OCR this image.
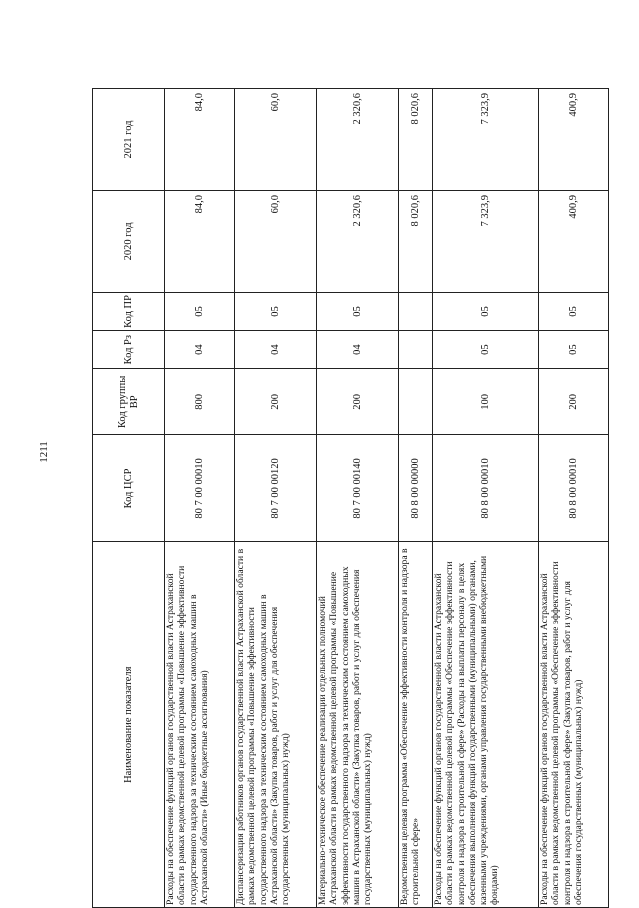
1211
Наименование показателя	Код ЦСР	Код группы ВР	Код Рз	Код ПР	2020 год	2021 год
Расходы на обеспечение функций органов государственной власти Астраханской области в рамках ведомственной целевой программы «Повышение эффективности государственного надзора за техническим состоянием самоходных машин в Астраханской области» (Иные бюджетные ассигнования)	80 7 00 00010	800	04	05	84,0	84,0
Диспансеризация работников органов государственной власти Астраханской области в рамках ведомственной целевой программы «Повышение эффективности государственного надзора за техническим состоянием самоходных машин в Астраханской области» (Закупка товаров, работ и услуг для обеспечения государственных (муниципальных) нужд)	80 7 00 00120	200	04	05	60,0	60,0
Материально-техническое обеспечение реализации отдельных полномочий Астраханской области в рамках ведомственной целевой программы «Повышение эффективности государственного надзора за техническим состоянием самоходных машин в Астраханской области» (Закупка товаров, работ и услуг для обеспечения государственных (муниципальных) нужд)	80 7 00 00140	200	04	05	2 320,6	2 320,6
Ведомственная целевая программа «Обеспечение эффективности контроля и надзора в строительной сфере»	80 8 00 00000				8 020,6	8 020,6
Расходы на обеспечение функций органов государственной власти Астраханской области в рамках ведомственной целевой программы «Обеспечение эффективности контроля и надзора в строительной сфере» (Расходы на выплаты персоналу в целях обеспечения выполнения функций государственными (муниципальными) органами, казенными учреждениями, органами управления государственными внебюджетными фондами)	80 8 00 00010	100	05	05	7 323,9	7 323,9
Расходы на обеспечение функций органов государственной власти Астраханской области в рамках ведомственной целевой программы «Обеспечение эффективности контроля и надзора в строительной сфере» (Закупка товаров, работ и услуг для обеспечения государственных (муниципальных) нужд)	80 8 00 00010	200	05	05	400,9	400,9
